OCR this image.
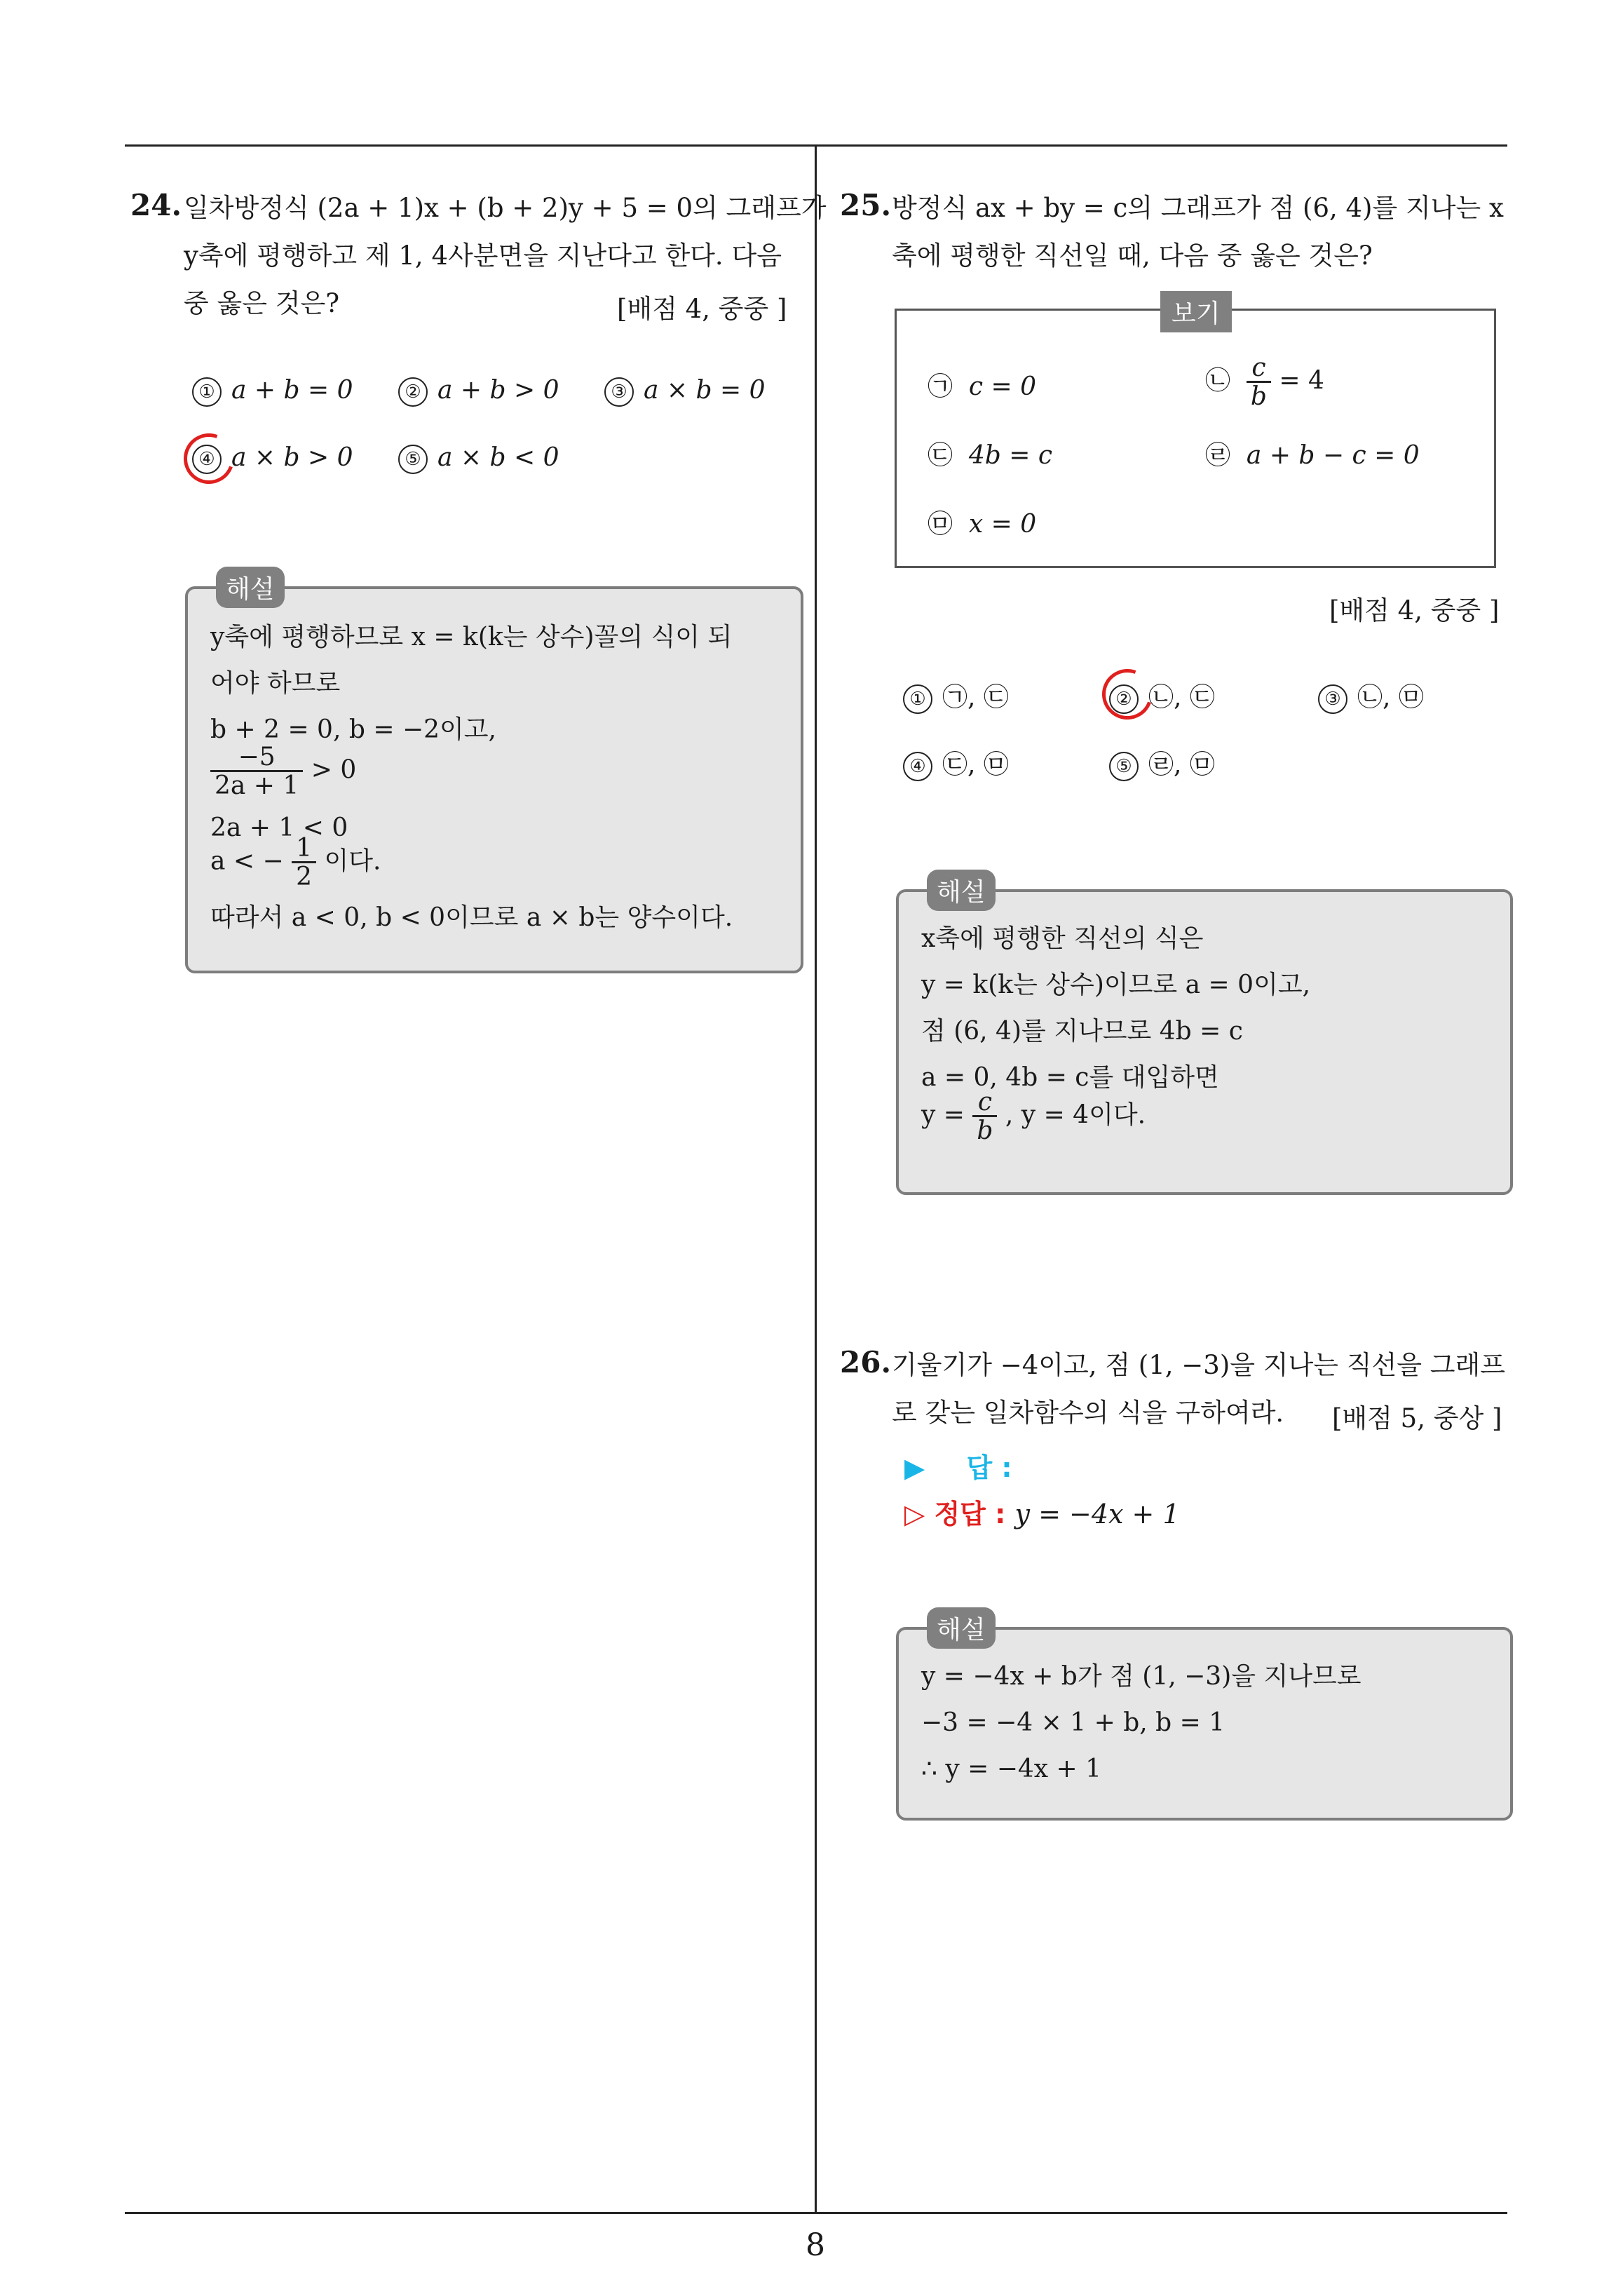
8
24. 일차방정식 (2a + 1)x + (b + 2)y + 5 = 0의 그래프가
y축에 평행하고 제 1, 4사분면을 지난다고 한다. 다음
중 옳은 것은?	[배점 4, 중중 ]
① a + b = 0	② a + b > 0	③ a × b = 0
④ a × b > 0	⑤ a × b < 0
해설
y축에 평행하므로 x = k(k는 상수)꼴의 식이 되
어야 하므로
b + 2 = 0, b = −2이고,
$\frac{-5}{2a + 1} > 0$
2a + 1 < 0
a < − $\frac{1}{2}$ 이다.
따라서 a < 0, b < 0이므로 a × b는 양수이다.
25. 방정식 ax + by = c의 그래프가 점 (6, 4)를 지나는 x
축에 평행한 직선일 때, 다음 중 옳은 것은?
보기
㉠ c = 0	㉡ $\frac{c}{b} = 4$
㉢ 4b = c	㉣ a + b − c = 0
㉤ x = 0
[배점 4, 중중 ]
① ㉠, ㉢	② ㉡, ㉢	③ ㉡, ㉤
④ ㉢, ㉤	⑤ ㉣, ㉤
해설
x축에 평행한 직선의 식은
y = k(k는 상수)이므로 a = 0이고,
점 (6, 4)를 지나므로 4b = c
a = 0, 4b = c를 대입하면
$y = \frac{c}{b}$ , y = 4이다.
26. 기울기가 −4이고, 점 (1, −3)을 지나는 직선을 그래프
로 갖는 일차함수의 식을 구하여라. [배점 5, 중상 ]
▶ 답 :
▷ 정답 : y = −4x + 1
해설
y = −4x + b가 점 (1, −3)을 지나므로
−3 = −4 × 1 + b, b = 1
∴ y = −4x + 1
